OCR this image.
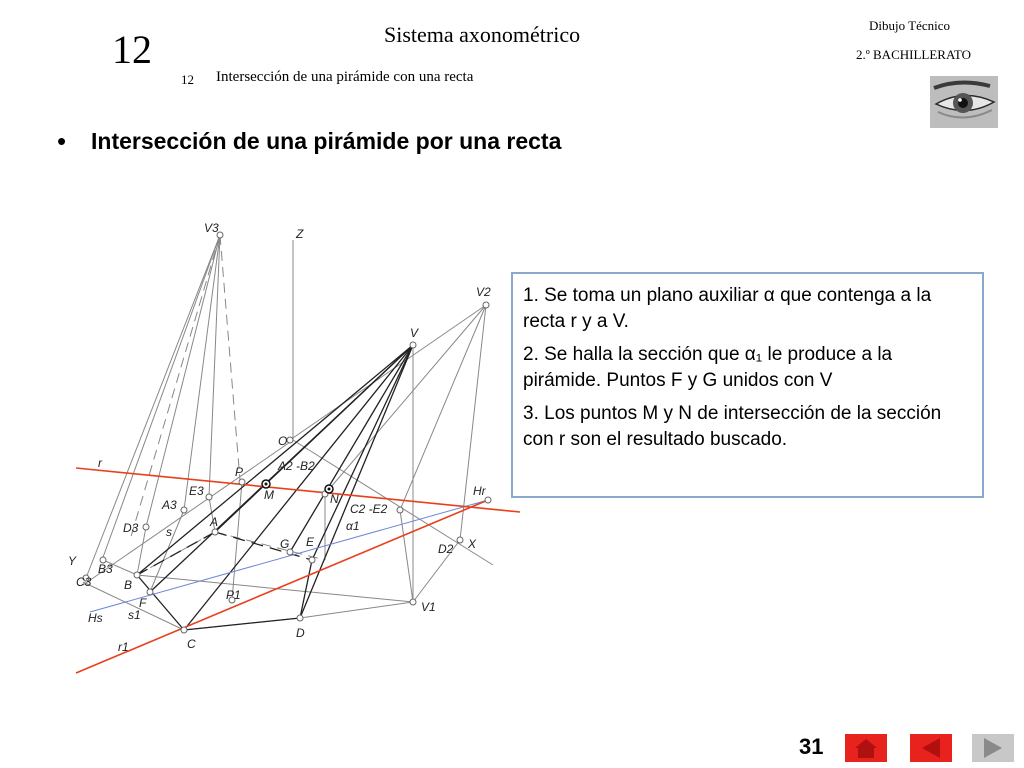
12	Sistema axonométrico
12 Intersección de una pirámide con una recta
Dibujo Técnico
2.º BACHILLERATO
• Intersección de una pirámide por una recta
V3	Z
V2
V
O
r
P	A2 -B2
E3	M	N
Hr
A3	C2 -E2
α1
D3 s
A
G E	D2 X
Y
B3
C3	B
F
P1
V1
Hs s1
D
r1	C

1. Se toma un plano auxiliar α que contenga a la recta r y a V.

2. Se halla la sección que α₁ le produce a la pirámide. Puntos F y G unidos con V

3. Los puntos M y N de intersección de la sección con r son el resultado buscado.

31
